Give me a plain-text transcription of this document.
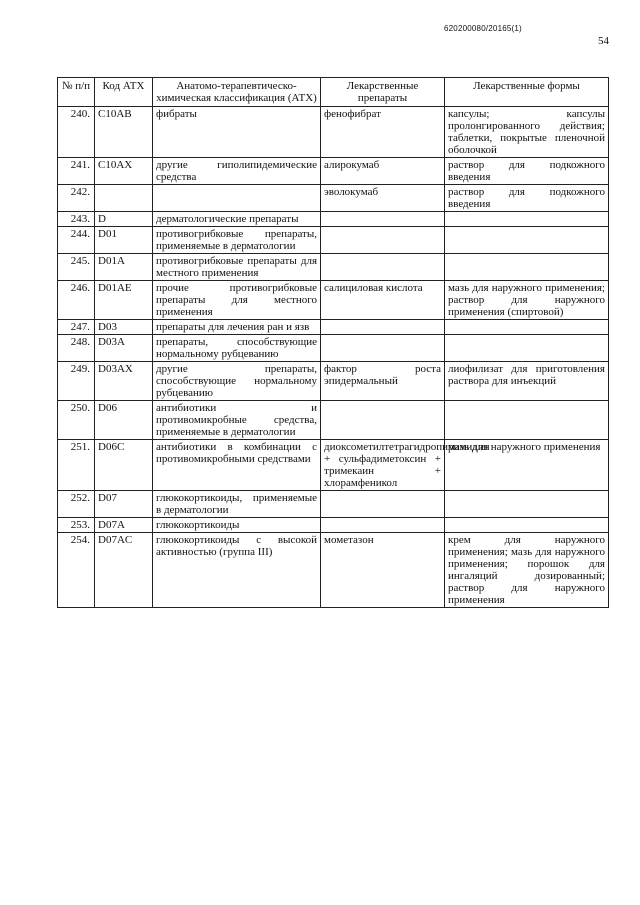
620200080/20165(1)
54
№ п/п	Код АТХ	Анатомо-терапевтическо-химическая классификация (АТХ)	Лекарственные препараты	Лекарственные формы
240.	C10AB	фибраты	фенофибрат	капсулы; капсулы пролонгированного действия; таблетки, покрытые пленочной оболочкой
241.	C10AX	другие гиполипидемические средства	алирокумаб	раствор для подкожного введения
242.			эволокумаб	раствор для подкожного введения
243.	D	дерматологические препараты		
244.	D01	противогрибковые препараты, применяемые в дерматологии		
245.	D01A	противогрибковые препараты для местного применения		
246.	D01AE	прочие противогрибковые препараты для местного применения	салициловая кислота	мазь для наружного применения; раствор для наружного применения (спиртовой)
247.	D03	препараты для лечения ран и язв		
248.	D03A	препараты, способствующие нормальному рубцеванию		
249.	D03AX	другие препараты, способствующие нормальному рубцеванию	фактор роста эпидермальный	лиофилизат для приготовления раствора для инъекций
250.	D06	антибиотики и противомикробные средства, применяемые в дерматологии		
251.	D06C	антибиотики в комбинации с противомикробными средствами	диоксометилтетрагидропиримидин + сульфадиметоксин + тримекаин + хлорамфеникол	мазь для наружного применения
252.	D07	глюкокортикоиды, применяемые в дерматологии		
253.	D07A	глюкокортикоиды		
254.	D07AC	глюкокортикоиды с высокой активностью (группа III)	мометазон	крем для наружного применения; мазь для наружного применения; порошок для ингаляций дозированный; раствор для наружного применения
